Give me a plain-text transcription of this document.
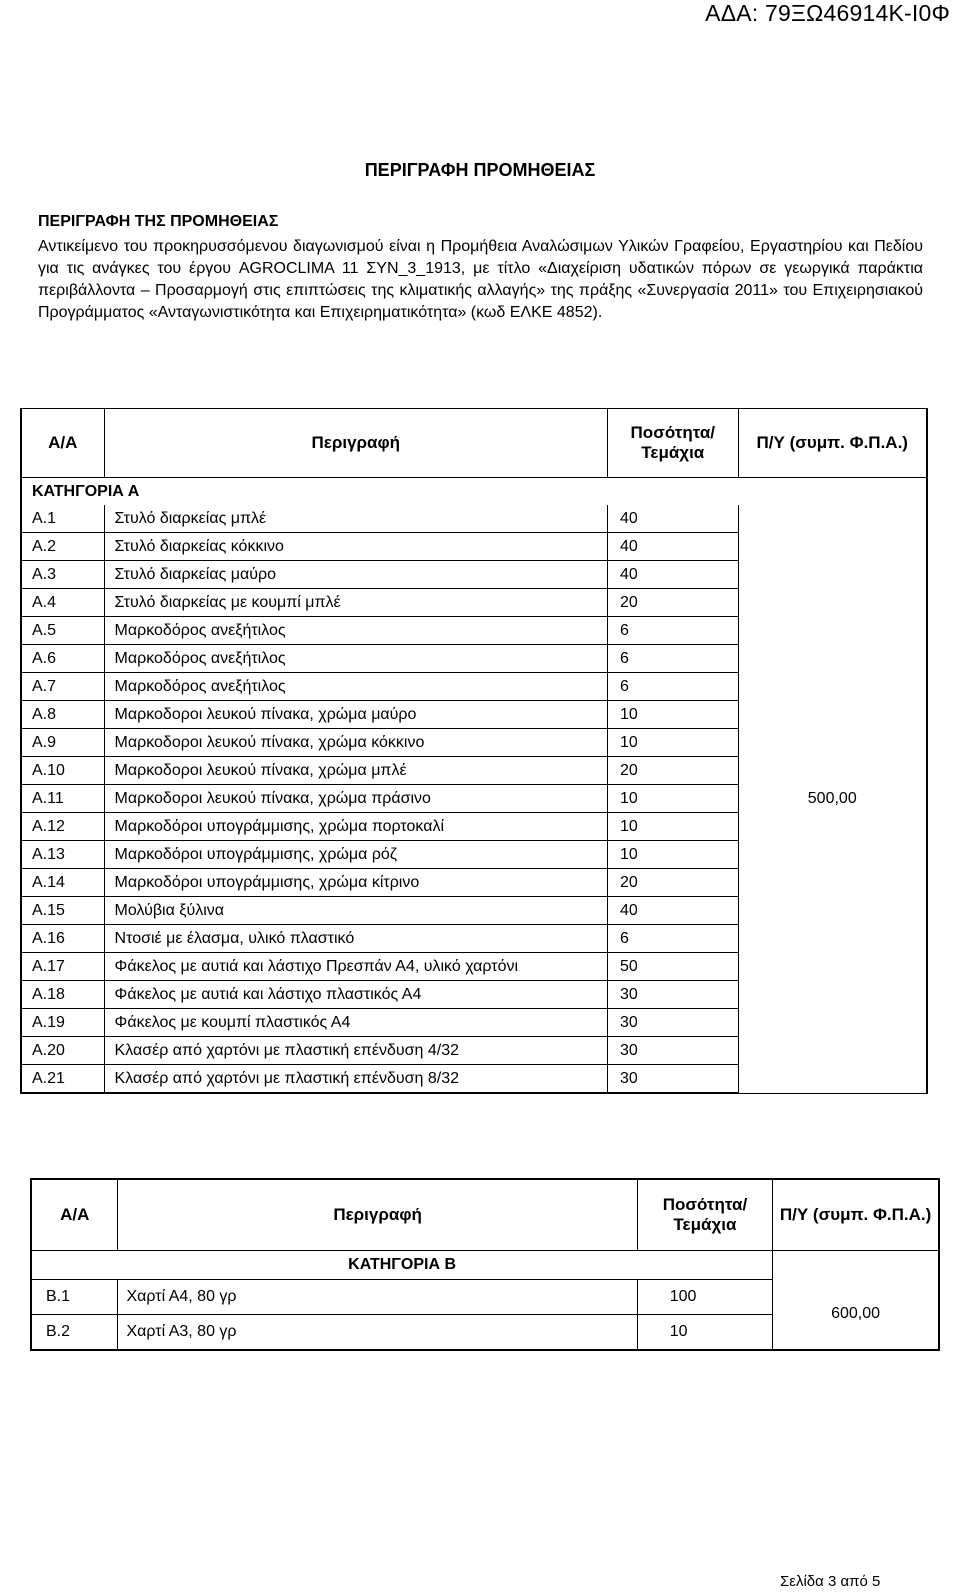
ΑΔΑ: 79ΞΩ46914Κ-Ι0Φ
ΠΕΡΙΓΡΑΦΗ ΠΡΟΜΗΘΕΙΑΣ
ΠΕΡΙΓΡΑΦΗ ΤΗΣ ΠΡΟΜΗΘΕΙΑΣ
Αντικείμενο του προκηρυσσόμενου διαγωνισμού είναι η Προμήθεια Αναλώσιμων Υλικών Γραφείου, Εργαστηρίου και Πεδίου για τις ανάγκες του έργου AGROCLIMA 11 ΣΥΝ_3_1913, με τίτλο «Διαχείριση υδατικών πόρων σε γεωργικά παράκτια περιβάλλοντα – Προσαρμογή στις επιπτώσεις της κλιματικής αλλαγής» της πράξης «Συνεργασία 2011» του Επιχειρησιακού Προγράμματος «Ανταγωνιστικότητα και Επιχειρηματικότητα» (κωδ ΕΛΚΕ 4852).
Α/Α	Περιγραφή	Ποσότητα/ Τεμάχια	Π/Υ (συμπ. Φ.Π.Α.)
ΚΑΤΗΓΟΡΙΑ Α			
Α.1	Στυλό διαρκείας μπλέ	40	500,00
Α.2	Στυλό διαρκείας κόκκινο	40	
Α.3	Στυλό διαρκείας μαύρο	40	
Α.4	Στυλό διαρκείας με κουμπί μπλέ	20	
Α.5	Μαρκοδόρος ανεξήτιλος	6	
Α.6	Μαρκοδόρος ανεξήτιλος	6	
Α.7	Μαρκοδόρος ανεξήτιλος	6	
Α.8	Μαρκοδοροι λευκού πίνακα, χρώμα μαύρο	10	
Α.9	Μαρκοδοροι λευκού πίνακα, χρώμα κόκκινο	10	
Α.10	Μαρκοδοροι λευκού πίνακα, χρώμα μπλέ	20	
Α.11	Μαρκοδοροι λευκού πίνακα, χρώμα πράσινο	10	
Α.12	Μαρκοδόροι υπογράμμισης, χρώμα πορτοκαλί	10	
Α.13	Μαρκοδόροι υπογράμμισης, χρώμα ρόζ	10	
Α.14	Μαρκοδόροι υπογράμμισης, χρώμα κίτρινο	20	
Α.15	Μολύβια ξύλινα	40	
Α.16	Ντοσιέ με έλασμα, υλικό πλαστικό	6	
Α.17	Φάκελος με αυτιά και λάστιχο Πρεσπάν Α4, υλικό χαρτόνι	50	
Α.18	Φάκελος με αυτιά και λάστιχο πλαστικός Α4	30	
Α.19	Φάκελος με κουμπί πλαστικός Α4	30	
Α.20	Κλασέρ από χαρτόνι με πλαστική επένδυση 4/32	30	
Α.21	Κλασέρ από χαρτόνι με πλαστική επένδυση 8/32	30	
Α/Α	Περιγραφή	Ποσότητα/ Τεμάχια	Π/Υ (συμπ. Φ.Π.Α.)
ΚΑΤΗΓΟΡΙΑ Β			
Β.1	Χαρτί Α4, 80 γρ	100	600,00
Β.2	Χαρτί Α3, 80 γρ	10	
Σελίδα 3 από 5
